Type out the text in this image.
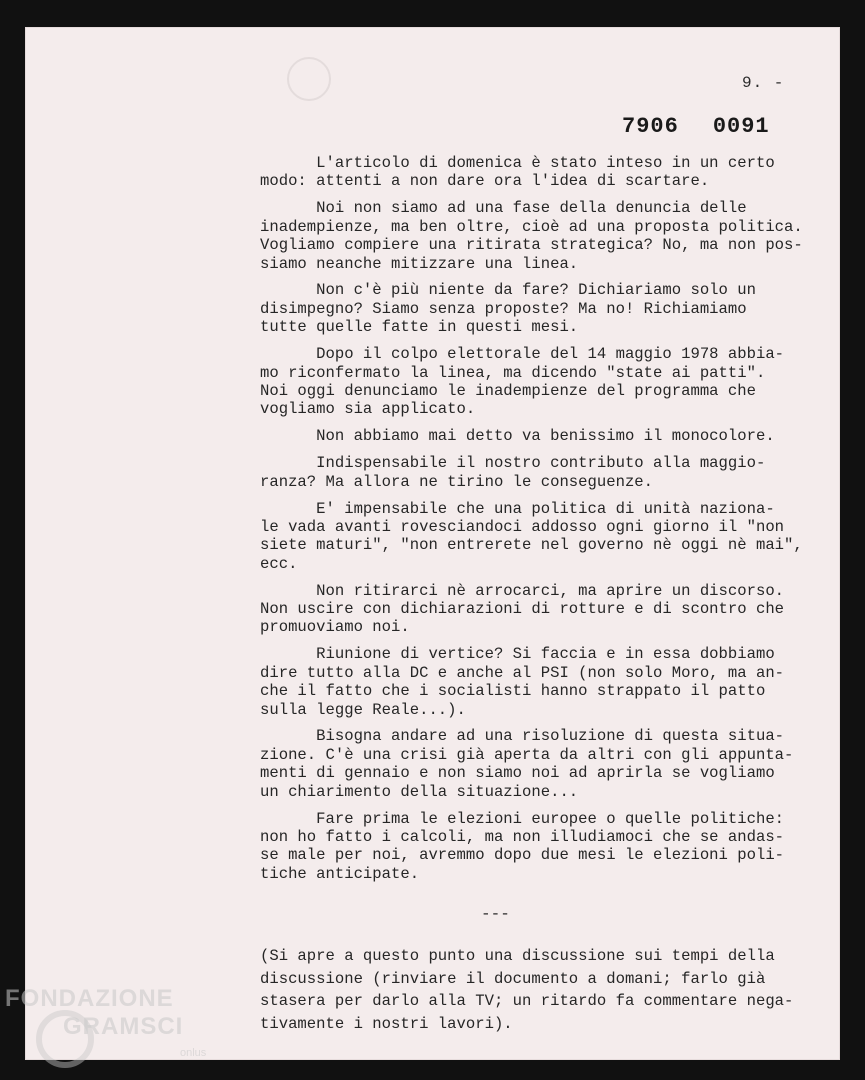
9. -
7906 0091

L'articolo di domenica è stato inteso in un certo
modo: attenti a non dare ora l'idea di scartare.

Noi non siamo ad una fase della denuncia delle
inadempienze, ma ben oltre, cioè ad una proposta politica.
Vogliamo compiere una ritirata strategica? No, ma non pos-
siamo neanche mitizzare una linea.

Non c'è più niente da fare? Dichiariamo solo un
disimpegno? Siamo senza proposte? Ma no! Richiamiamo
tutte quelle fatte in questi mesi.

Dopo il colpo elettorale del 14 maggio 1978 abbia-
mo riconfermato la linea, ma dicendo "state ai patti".
Noi oggi denunciamo le inadempienze del programma che
vogliamo sia applicato.

Non abbiamo mai detto va benissimo il monocolore.

Indispensabile il nostro contributo alla maggio-
ranza? Ma allora ne tirino le conseguenze.

E' impensabile che una politica di unità naziona-
le vada avanti rovesciandoci addosso ogni giorno il "non
siete maturi", "non entrerete nel governo nè oggi nè mai",
ecc.

Non ritirarci nè arrocarci, ma aprire un discorso.
Non uscire con dichiarazioni di rotture e di scontro che
promuoviamo noi.

Riunione di vertice? Si faccia e in essa dobbiamo
dire tutto alla DC e anche al PSI (non solo Moro, ma an-
che il fatto che i socialisti hanno strappato il patto
sulla legge Reale...).

Bisogna andare ad una risoluzione di questa situa-
zione. C'è una crisi già aperta da altri con gli appunta-
menti di gennaio e non siamo noi ad aprirla se vogliamo
un chiarimento della situazione...

Fare prima le elezioni europee o quelle politiche:
non ho fatto i calcoli, ma non illudiamoci che se andas-
se male per noi, avremmo dopo due mesi le elezioni poli-
tiche anticipate.

---
(Si apre a questo punto una discussione sui tempi della
discussione (rinviare il documento a domani; farlo già
stasera per darlo alla TV; un ritardo fa commentare nega-
tivamente i nostri lavori).
FONDAZIONE
GRAMSCI
onlus
